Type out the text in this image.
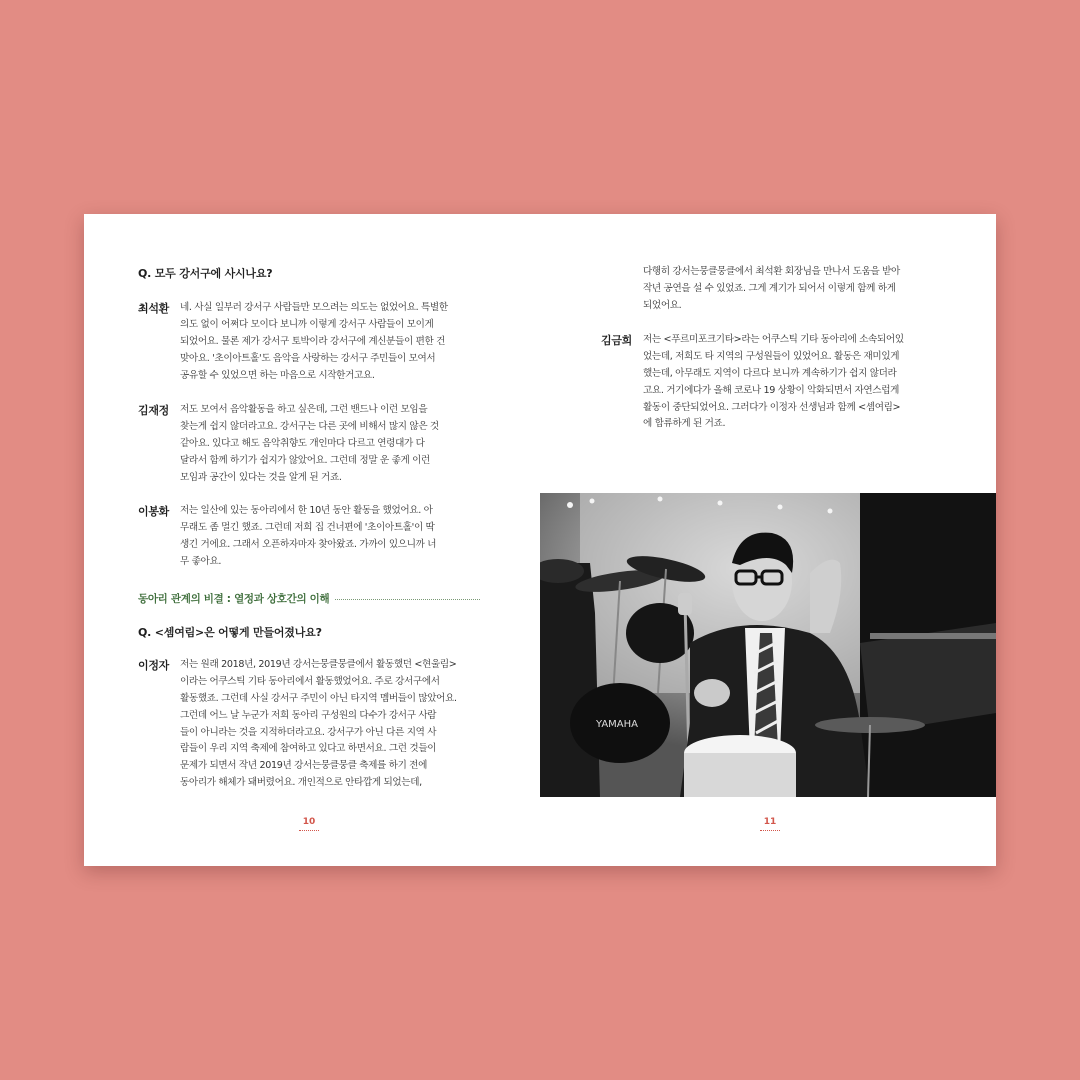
Q. 모두 강서구에 사시나요?
최석환 네. 사실 일부러 강서구 사람들만 모으려는 의도는 없었어요. 특별한
의도 없이 어쩌다 모이다 보니까 이렇게 강서구 사람들이 모이게
되었어요. 물론 제가 강서구 토박이라 강서구에 계신분들이 편한 건
맞아요. '초이아트홀'도 음악을 사랑하는 강서구 주민들이 모여서
공유할 수 있었으면 하는 마음으로 시작한거고요.
김재정 저도 모여서 음악활동을 하고 싶은데, 그런 밴드나 이런 모임을
찾는게 쉽지 않더라고요. 강서구는 다른 곳에 비해서 많지 않은 것
같아요. 있다고 해도 음악취향도 개인마다 다르고 연령대가 다
달라서 함께 하기가 쉽지가 않았어요. 그런데 정말 운 좋게 이런
모임과 공간이 있다는 것을 알게 된 거죠.
이봉화 저는 일산에 있는 동아리에서 한 10년 동안 활동을 했었어요. 아
무래도 좀 멀긴 했죠. 그런데 저희 집 건너편에 '초이아트홀'이 딱
생긴 거에요. 그래서 오픈하자마자 찾아왔죠. 가까이 있으니까 너
무 좋아요.
동아리 관계의 비결 : 열정과 상호간의 이해
Q. <셈여림>은 어떻게 만들어졌나요?
이정자 저는 원래 2018년, 2019년 강서는뭉클뭉클에서 활동했던 <현울림>
이라는 어쿠스틱 기타 동아리에서 활동했었어요. 주로 강서구에서
활동했죠. 그런데 사실 강서구 주민이 아닌 타지역 멤버들이 많았어요.
그런데 어느 날 누군가 저희 동아리 구성원의 다수가 강서구 사람
들이 아니라는 것을 지적하더라고요. 강서구가 아닌 다른 지역 사
람들이 우리 지역 축제에 참여하고 있다고 하면서요. 그런 것들이
문제가 되면서 작년 2019년 강서는뭉클뭉클 축제를 하기 전에
동아리가 해체가 돼버렸어요. 개인적으로 안타깝게 되었는데,
10
다행히 강서는뭉클뭉클에서 최석환 회장님을 만나서 도움을 받아
작년 공연을 설 수 있었죠. 그게 계기가 되어서 이렇게 함께 하게
되었어요.
김금희 저는 <푸르미포크기타>라는 어쿠스틱 기타 동아리에 소속되어있
었는데, 저희도 타 지역의 구성원들이 있었어요. 활동은 재미있게
했는데, 아무래도 지역이 다르다 보니까 계속하기가 쉽지 않더라
고요. 거기에다가 올해 코로나 19 상황이 악화되면서 자연스럽게
활동이 중단되었어요. 그러다가 이정자 선생님과 함께 <셈여림>
에 합류하게 된 거죠.
11
YAMAHA
